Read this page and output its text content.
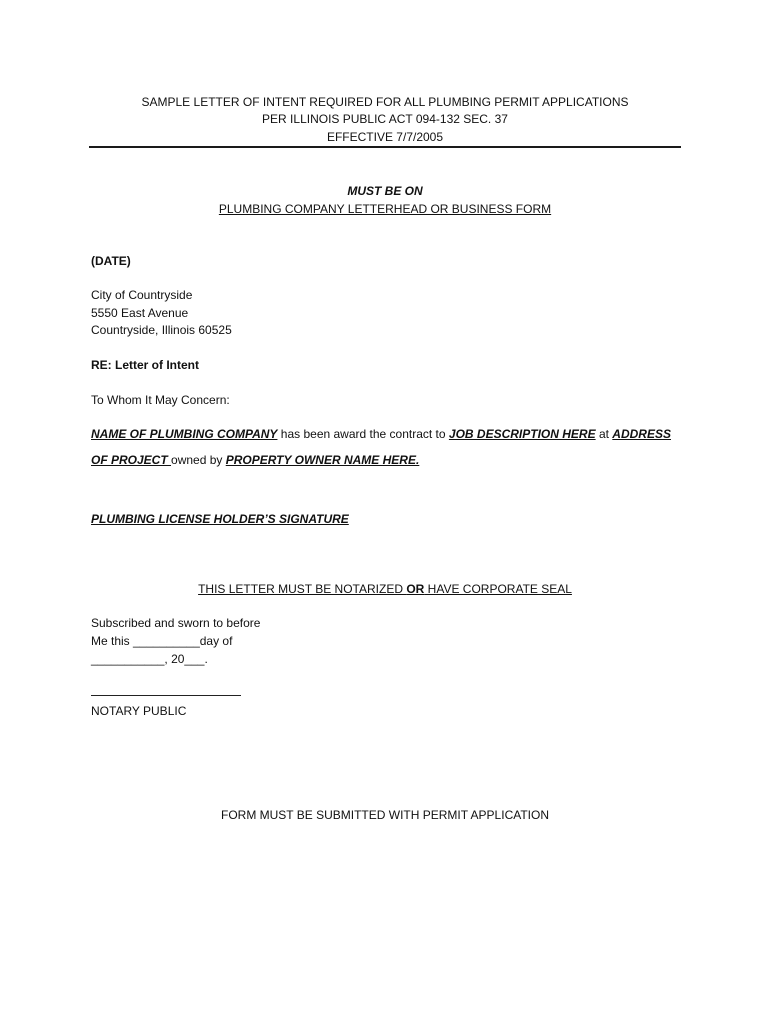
SAMPLE LETTER OF INTENT REQUIRED FOR ALL PLUMBING PERMIT APPLICATIONS
PER ILLINOIS PUBLIC ACT 094-132 SEC. 37
EFFECTIVE 7/7/2005
MUST BE ON
PLUMBING COMPANY LETTERHEAD OR BUSINESS FORM
(DATE)
City of Countryside
5550 East Avenue
Countryside, Illinois 60525
RE: Letter of Intent
To Whom It May Concern:
NAME OF PLUMBING COMPANY has been award the contract to JOB DESCRIPTION HERE at ADDRESS
OF PROJECT owned by PROPERTY OWNER NAME HERE.
PLUMBING LICENSE HOLDER’S SIGNATURE
THIS LETTER MUST BE NOTARIZED OR HAVE CORPORATE SEAL
Subscribed and sworn to before
Me this __________day of
___________, 20___.
NOTARY PUBLIC
FORM MUST BE SUBMITTED WITH PERMIT APPLICATION
